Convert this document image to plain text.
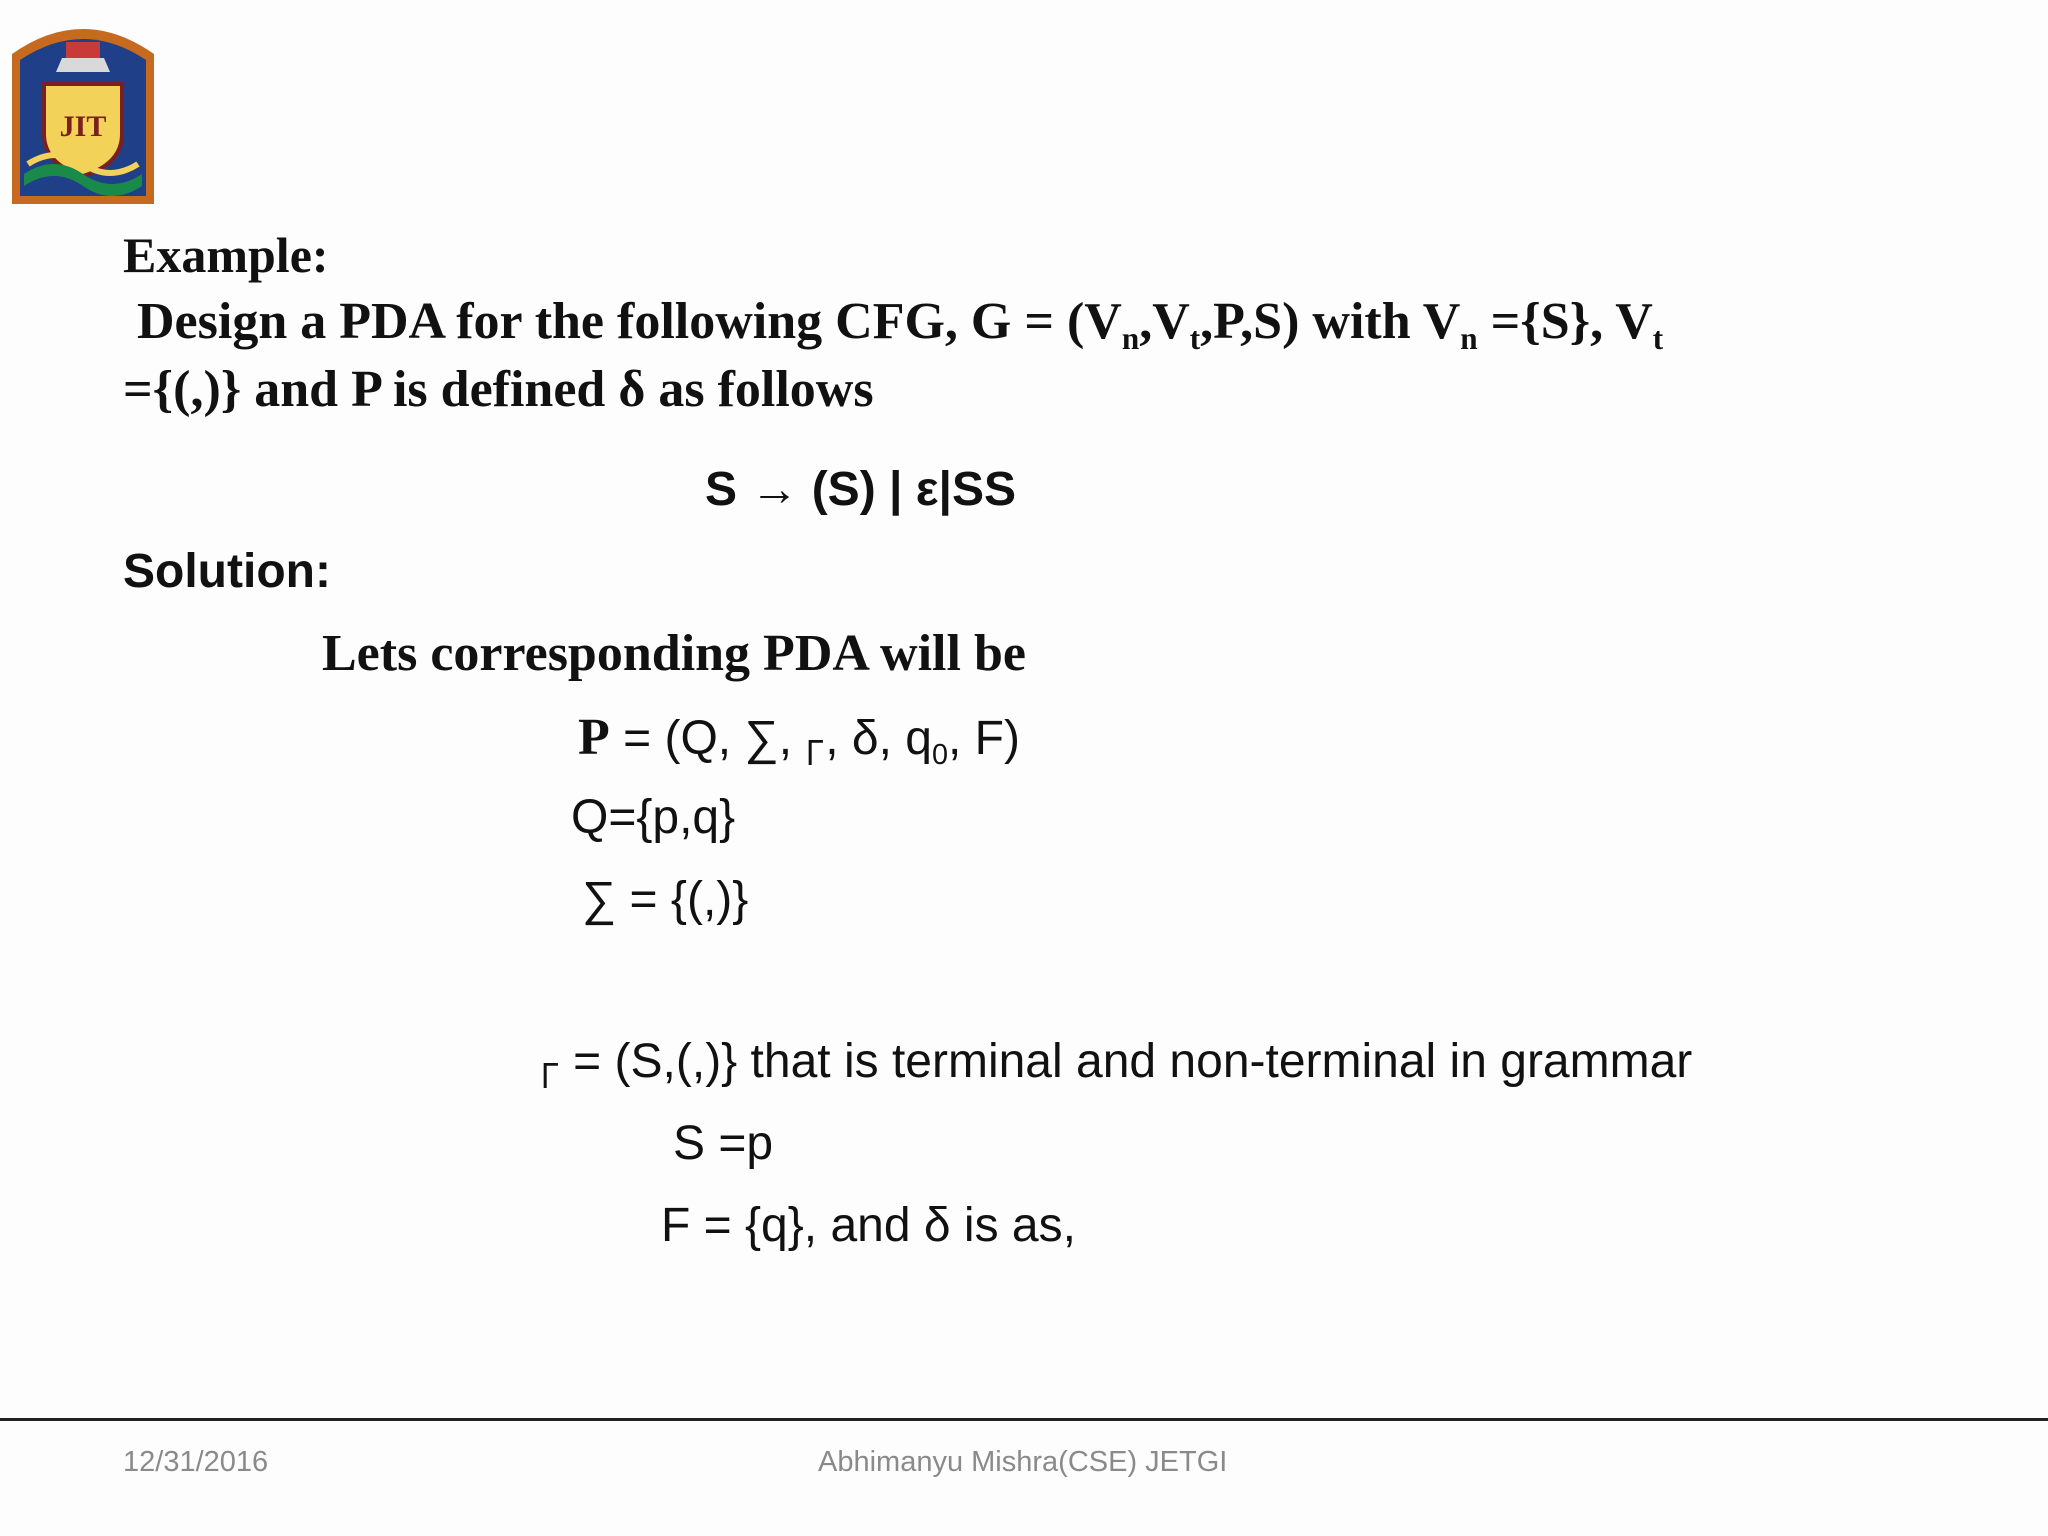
JIT
Example:
Design a PDA for the following CFG, $G = (V_n,V_t,P,S)$ with $V_n =\{S\}$, $V_t$
={(,)} and P is defined δ as follows
S → (S) | ε|SS
Solution:
Lets corresponding PDA will be
P = (Q, ∑, Γ, δ, $q_0$, F)
Q={p,q}
∑ = {(,)}
Γ = (S,(,)} that is terminal and non-terminal in grammar
S =p
F = {q}, and δ is as,
12/31/2016	Abhimanyu Mishra(CSE) JETGI
